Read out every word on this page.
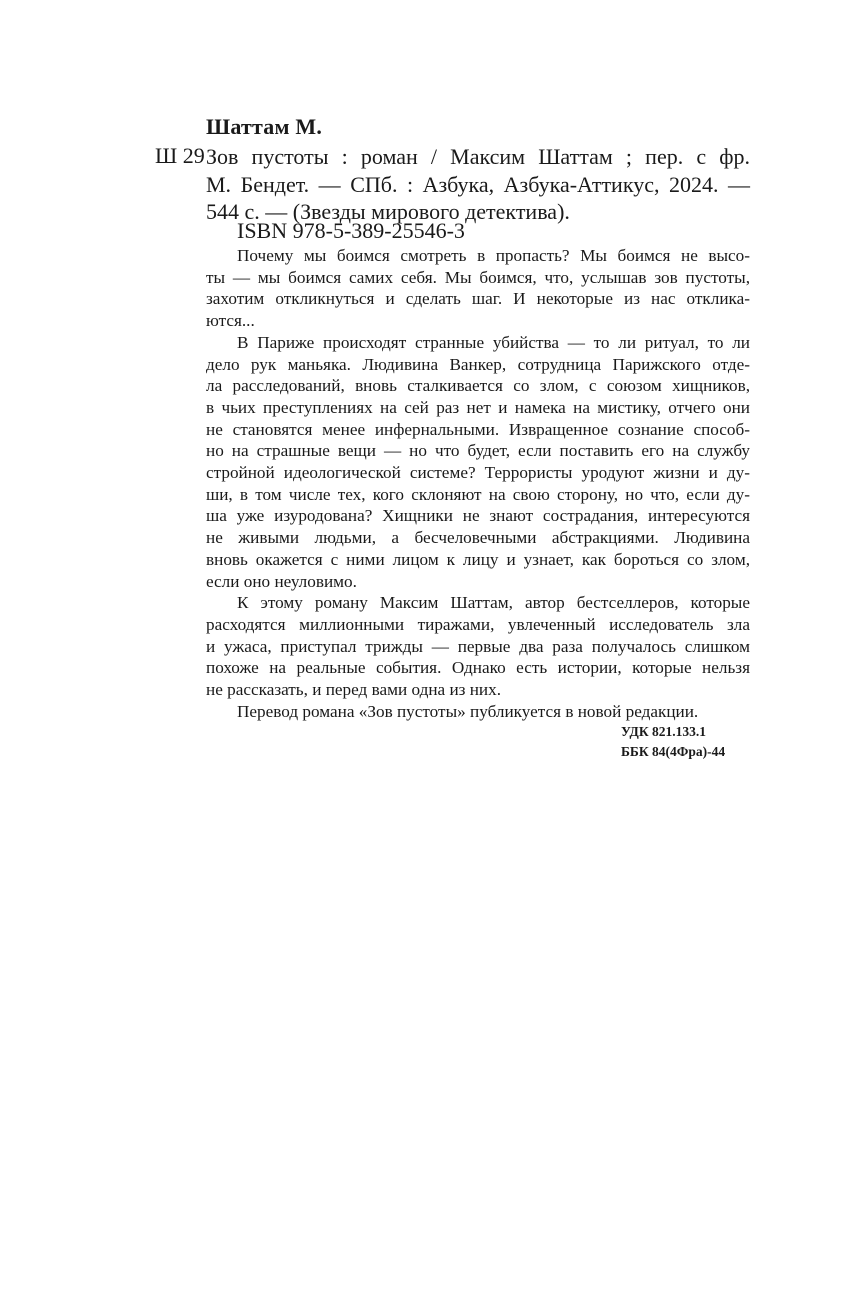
Шаттам М.
Ш 29 Зов пустоты : роман / Максим Шаттам ; пер. с фр.
М. Бендет. — СПб. : Азбука, Азбука-Аттикус, 2024. —
544 с. — (Звезды мирового детектива).
ISBN 978-5-389-25546-3

Почему мы боимся смотреть в пропасть? Мы боимся не высо-
ты — мы боимся самих себя. Мы боимся, что, услышав зов пустоты,
захотим откликнуться и сделать шаг. И некоторые из нас отклика-
ются...

В Париже происходят странные убийства — то ли ритуал, то ли
дело рук маньяка. Людивина Ванкер, сотрудница Парижского отде-
ла расследований, вновь сталкивается со злом, с союзом хищников,
в чьих преступлениях на сей раз нет и намека на мистику, отчего они
не становятся менее инфернальными. Извращенное сознание способ-
но на страшные вещи — но что будет, если поставить его на службу
стройной идеологической системе? Террористы уродуют жизни и ду-
ши, в том числе тех, кого склоняют на свою сторону, но что, если ду-
ша уже изуродована? Хищники не знают сострадания, интересуются
не живыми людьми, а бесчеловечными абстракциями. Людивина
вновь окажется с ними лицом к лицу и узнает, как бороться со злом,
если оно неуловимо.

К этому роману Максим Шаттам, автор бестселлеров, которые
расходятся миллионными тиражами, увлеченный исследователь зла
и ужаса, приступал трижды — первые два раза получалось слишком
похоже на реальные события. Однако есть истории, которые нельзя
не рассказать, и перед вами одна из них.

Перевод романа «Зов пустоты» публикуется в новой редакции.

УДК 821.133.1
ББК 84(4Фра)-44
